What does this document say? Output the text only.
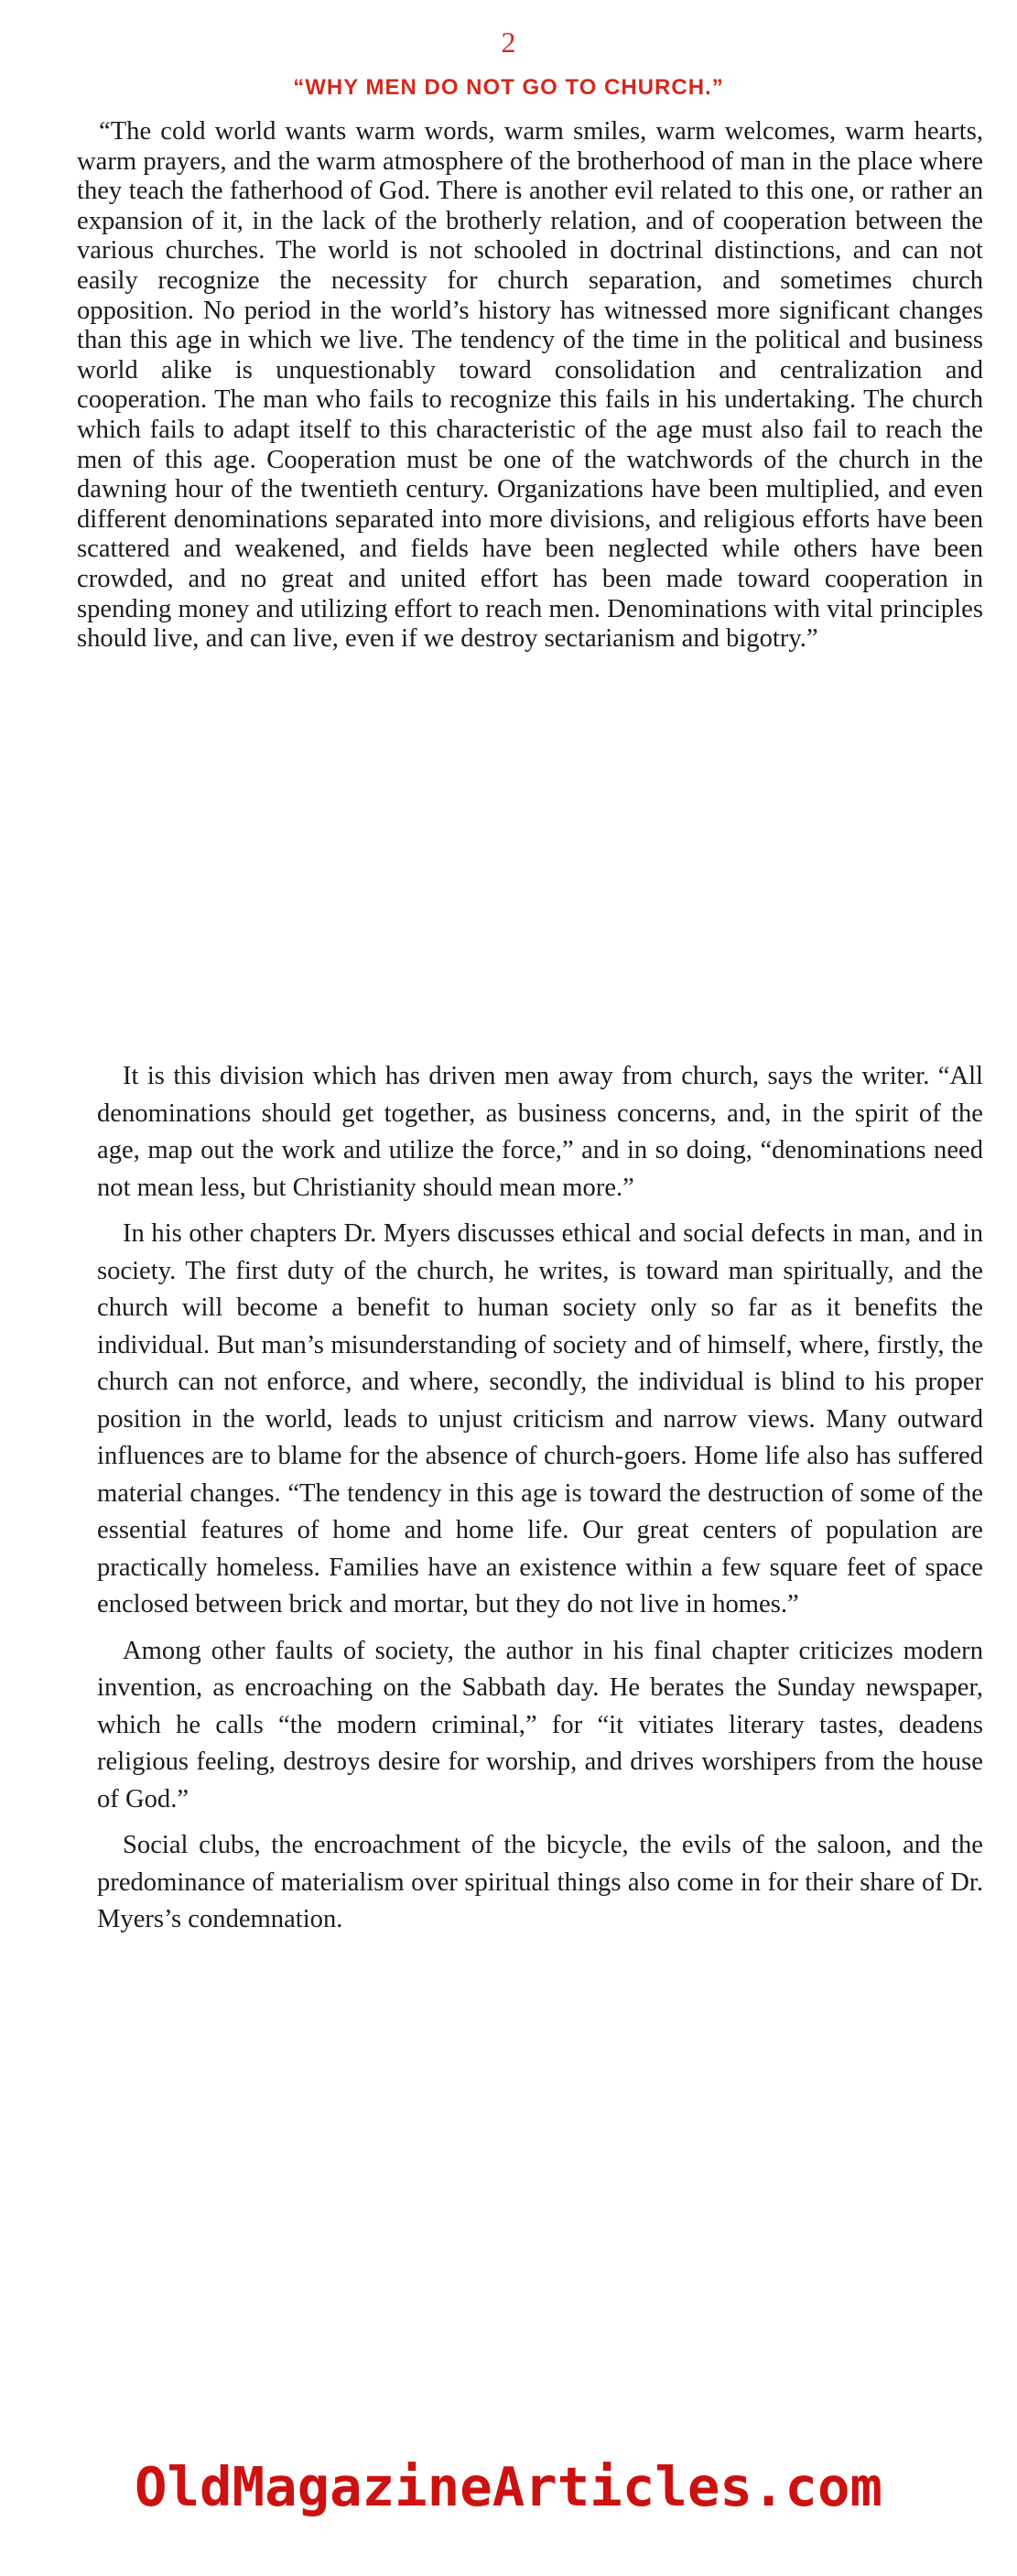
2
“WHY MEN DO NOT GO TO CHURCH.”

“The cold world wants warm words, warm smiles, warm welcomes, warm hearts, warm prayers, and the warm atmosphere of the brotherhood of man in the place where they teach the fatherhood of God. There is another evil related to this one, or rather an expansion of it, in the lack of the brotherly relation, and of cooperation between the various churches. The world is not schooled in doctrinal distinctions, and can not easily recognize the necessity for church separation, and sometimes church opposition. No period in the world’s history has witnessed more significant changes than this age in which we live. The tendency of the time in the political and business world alike is unquestionably toward consolidation and centralization and cooperation. The man who fails to recognize this fails in his undertaking. The church which fails to adapt itself to this characteristic of the age must also fail to reach the men of this age. Cooperation must be one of the watchwords of the church in the dawning hour of the twentieth century. Organizations have been multiplied, and even different denominations separated into more divisions, and religious efforts have been scattered and weakened, and fields have been neglected while others have been crowded, and no great and united effort has been made toward cooperation in spending money and utilizing effort to reach men. Denominations with vital principles should live, and can live, even if we destroy sectarianism and bigotry.”

It is this division which has driven men away from church, says the writer. “All denominations should get together, as business concerns, and, in the spirit of the age, map out the work and utilize the force,” and in so doing, “denominations need not mean less, but Christianity should mean more.”

In his other chapters Dr. Myers discusses ethical and social defects in man, and in society. The first duty of the church, he writes, is toward man spiritually, and the church will become a benefit to human society only so far as it benefits the individual. But man’s misunderstanding of society and of himself, where, firstly, the church can not enforce, and where, secondly, the individual is blind to his proper position in the world, leads to unjust criticism and narrow views. Many outward influences are to blame for the absence of church-goers. Home life also has suffered material changes. “The tendency in this age is toward the destruction of some of the essential features of home and home life. Our great centers of population are practically homeless. Families have an existence within a few square feet of space enclosed between brick and mortar, but they do not live in homes.”

Among other faults of society, the author in his final chapter criticizes modern invention, as encroaching on the Sabbath day. He berates the Sunday newspaper, which he calls “the modern criminal,” for “it vitiates literary tastes, deadens religious feeling, destroys desire for worship, and drives worshipers from the house of God.”

Social clubs, the encroachment of the bicycle, the evils of the saloon, and the predominance of materialism over spiritual things also come in for their share of Dr. Myers’s condemnation.

OldMagazineArticles.com
